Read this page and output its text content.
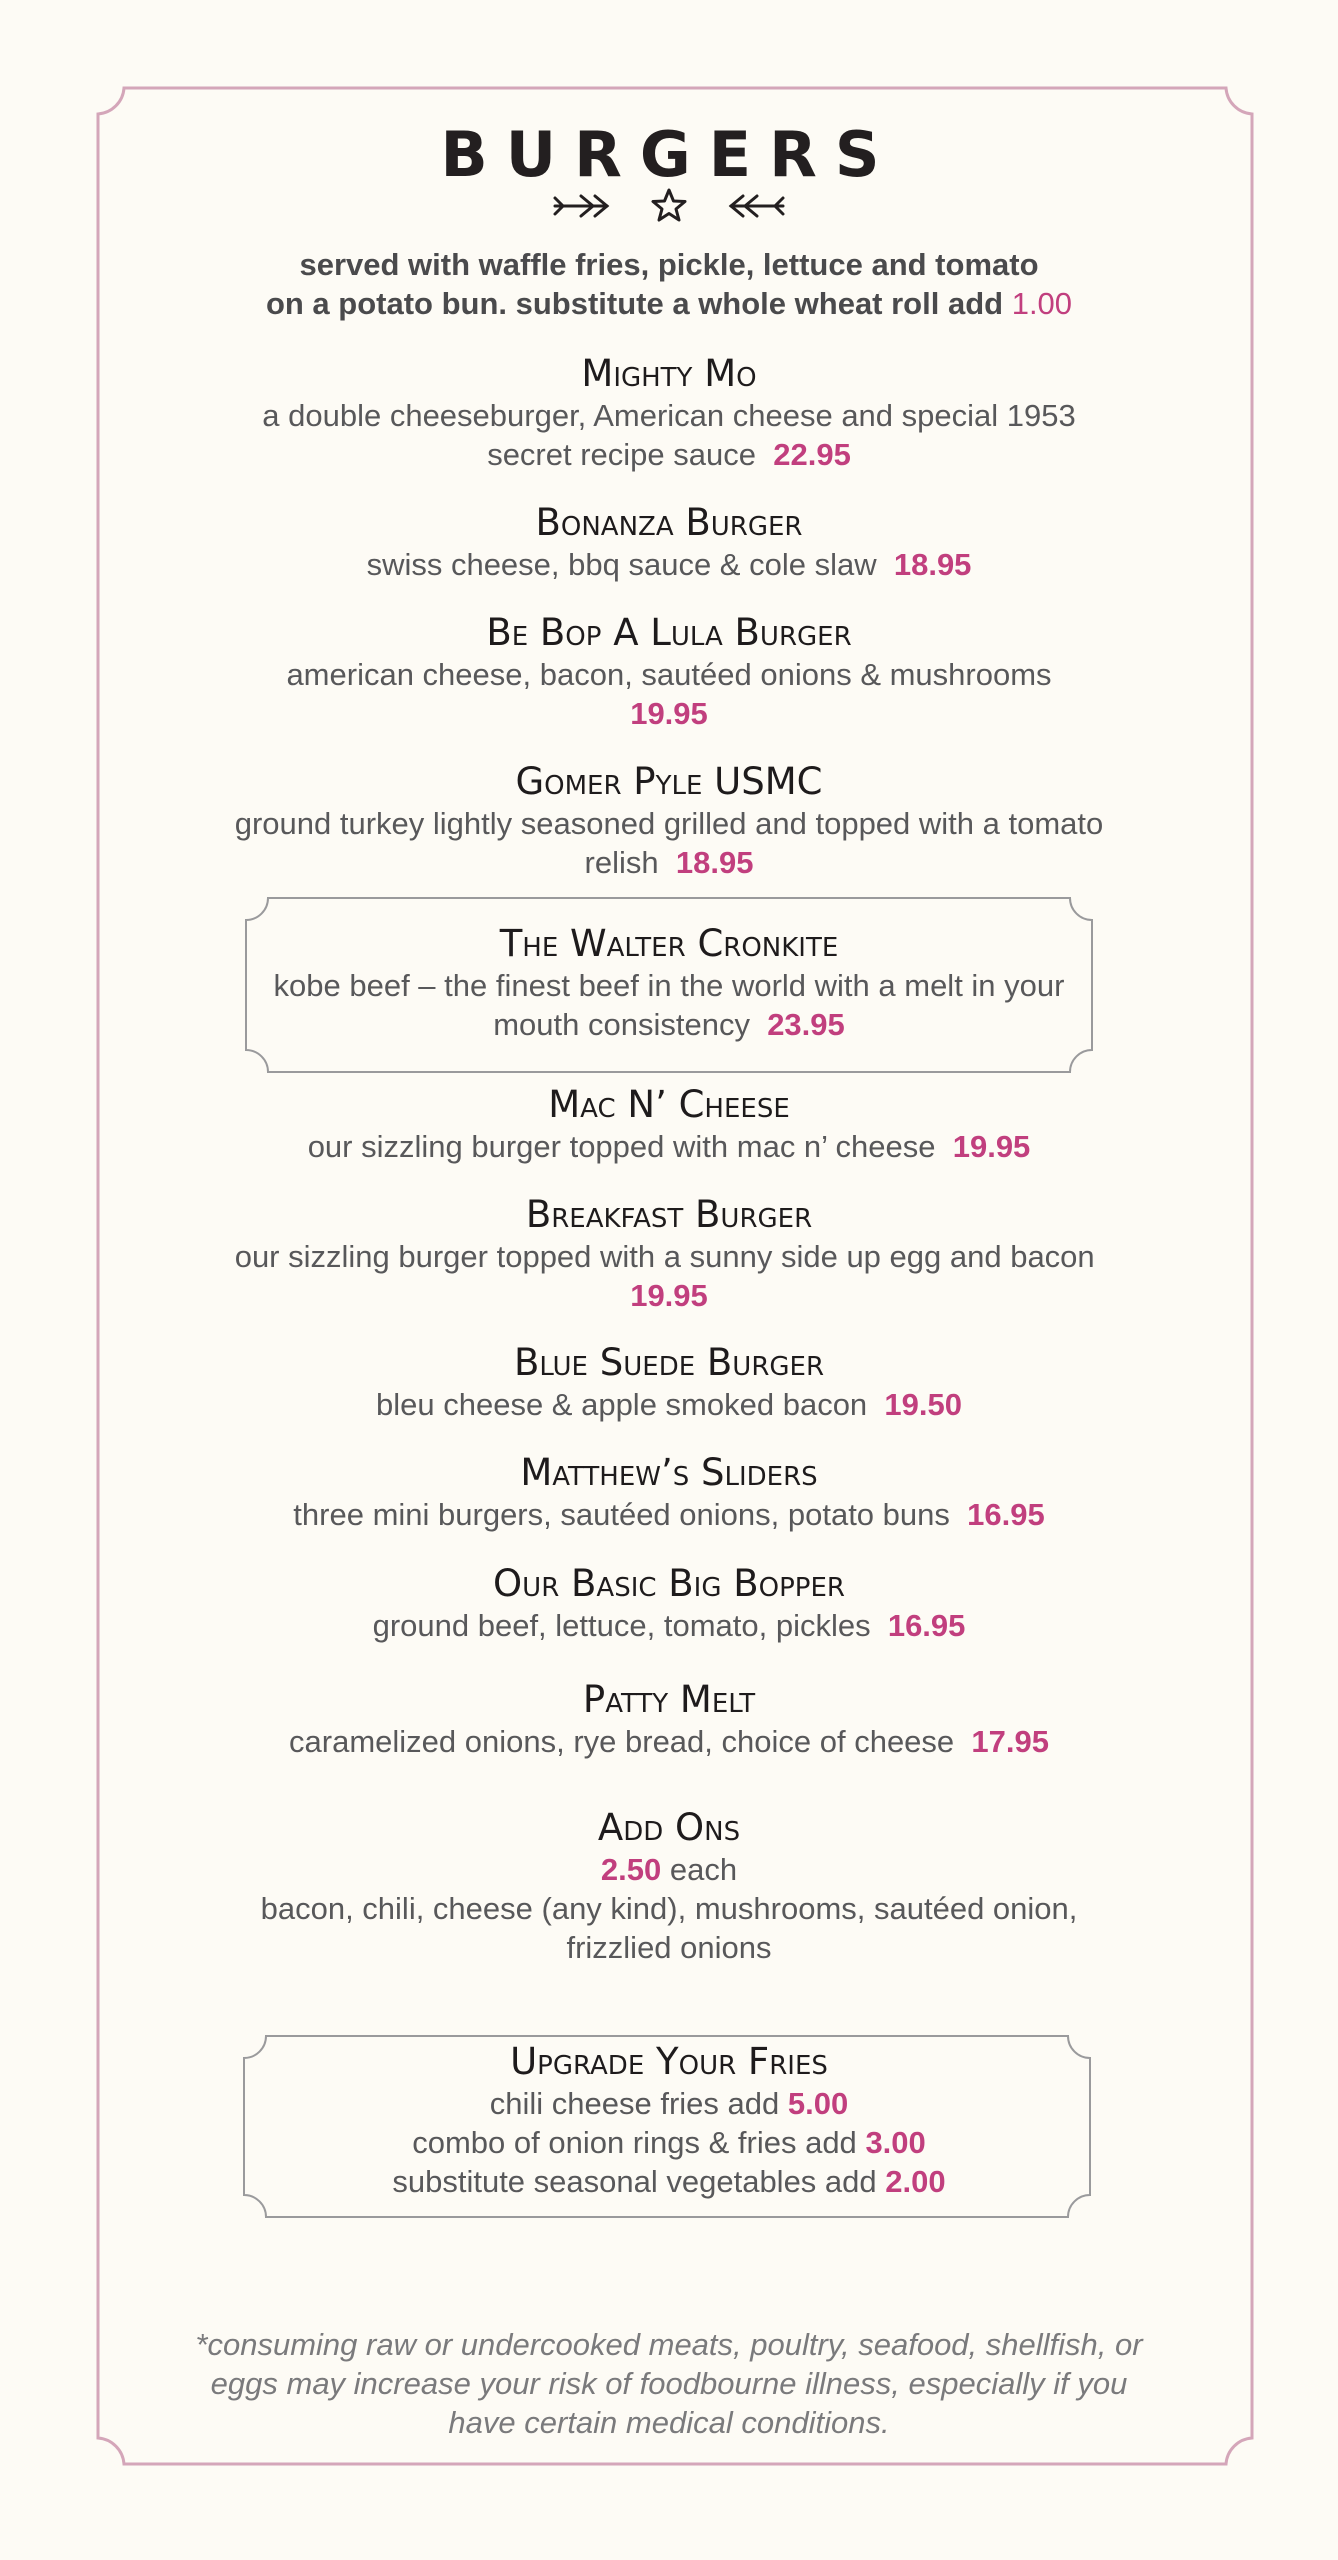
BURGERS
served with waffle fries, pickle, lettuce and tomato
on a potato bun. substitute a whole wheat roll add 1.00
Mighty Mo
a double cheeseburger, American cheese and special 1953 secret recipe sauce 22.95
Bonanza Burger
swiss cheese, bbq sauce & cole slaw 18.95
Be Bop A Lula Burger
american cheese, bacon, sautéed onions & mushrooms
19.95
Gomer Pyle USMC
ground turkey lightly seasoned grilled and topped with a tomato relish 18.95
The Walter Cronkite
kobe beef – the finest beef in the world with a melt in your mouth consistency 23.95
Mac N’ Cheese
our sizzling burger topped with mac n’ cheese 19.95
Breakfast Burger
our sizzling burger topped with a sunny side up egg and bacon  19.95
Blue Suede Burger
bleu cheese & apple smoked bacon 19.50
Matthew’s Sliders
three mini burgers, sautéed onions, potato buns 16.95
Our Basic Big Bopper
ground beef, lettuce, tomato, pickles 16.95
Patty Melt
caramelized onions, rye bread, choice of cheese 17.95
Add Ons
2.50 each
bacon, chili, cheese (any kind), mushrooms, sautéed onion, frizzlied onions
Upgrade Your Fries
chili cheese fries add 5.00
combo of onion rings & fries add 3.00
substitute seasonal vegetables add 2.00
*consuming raw or undercooked meats, poultry, seafood, shellfish, or eggs may increase your risk of foodbourne illness, especially if you have certain medical conditions.
